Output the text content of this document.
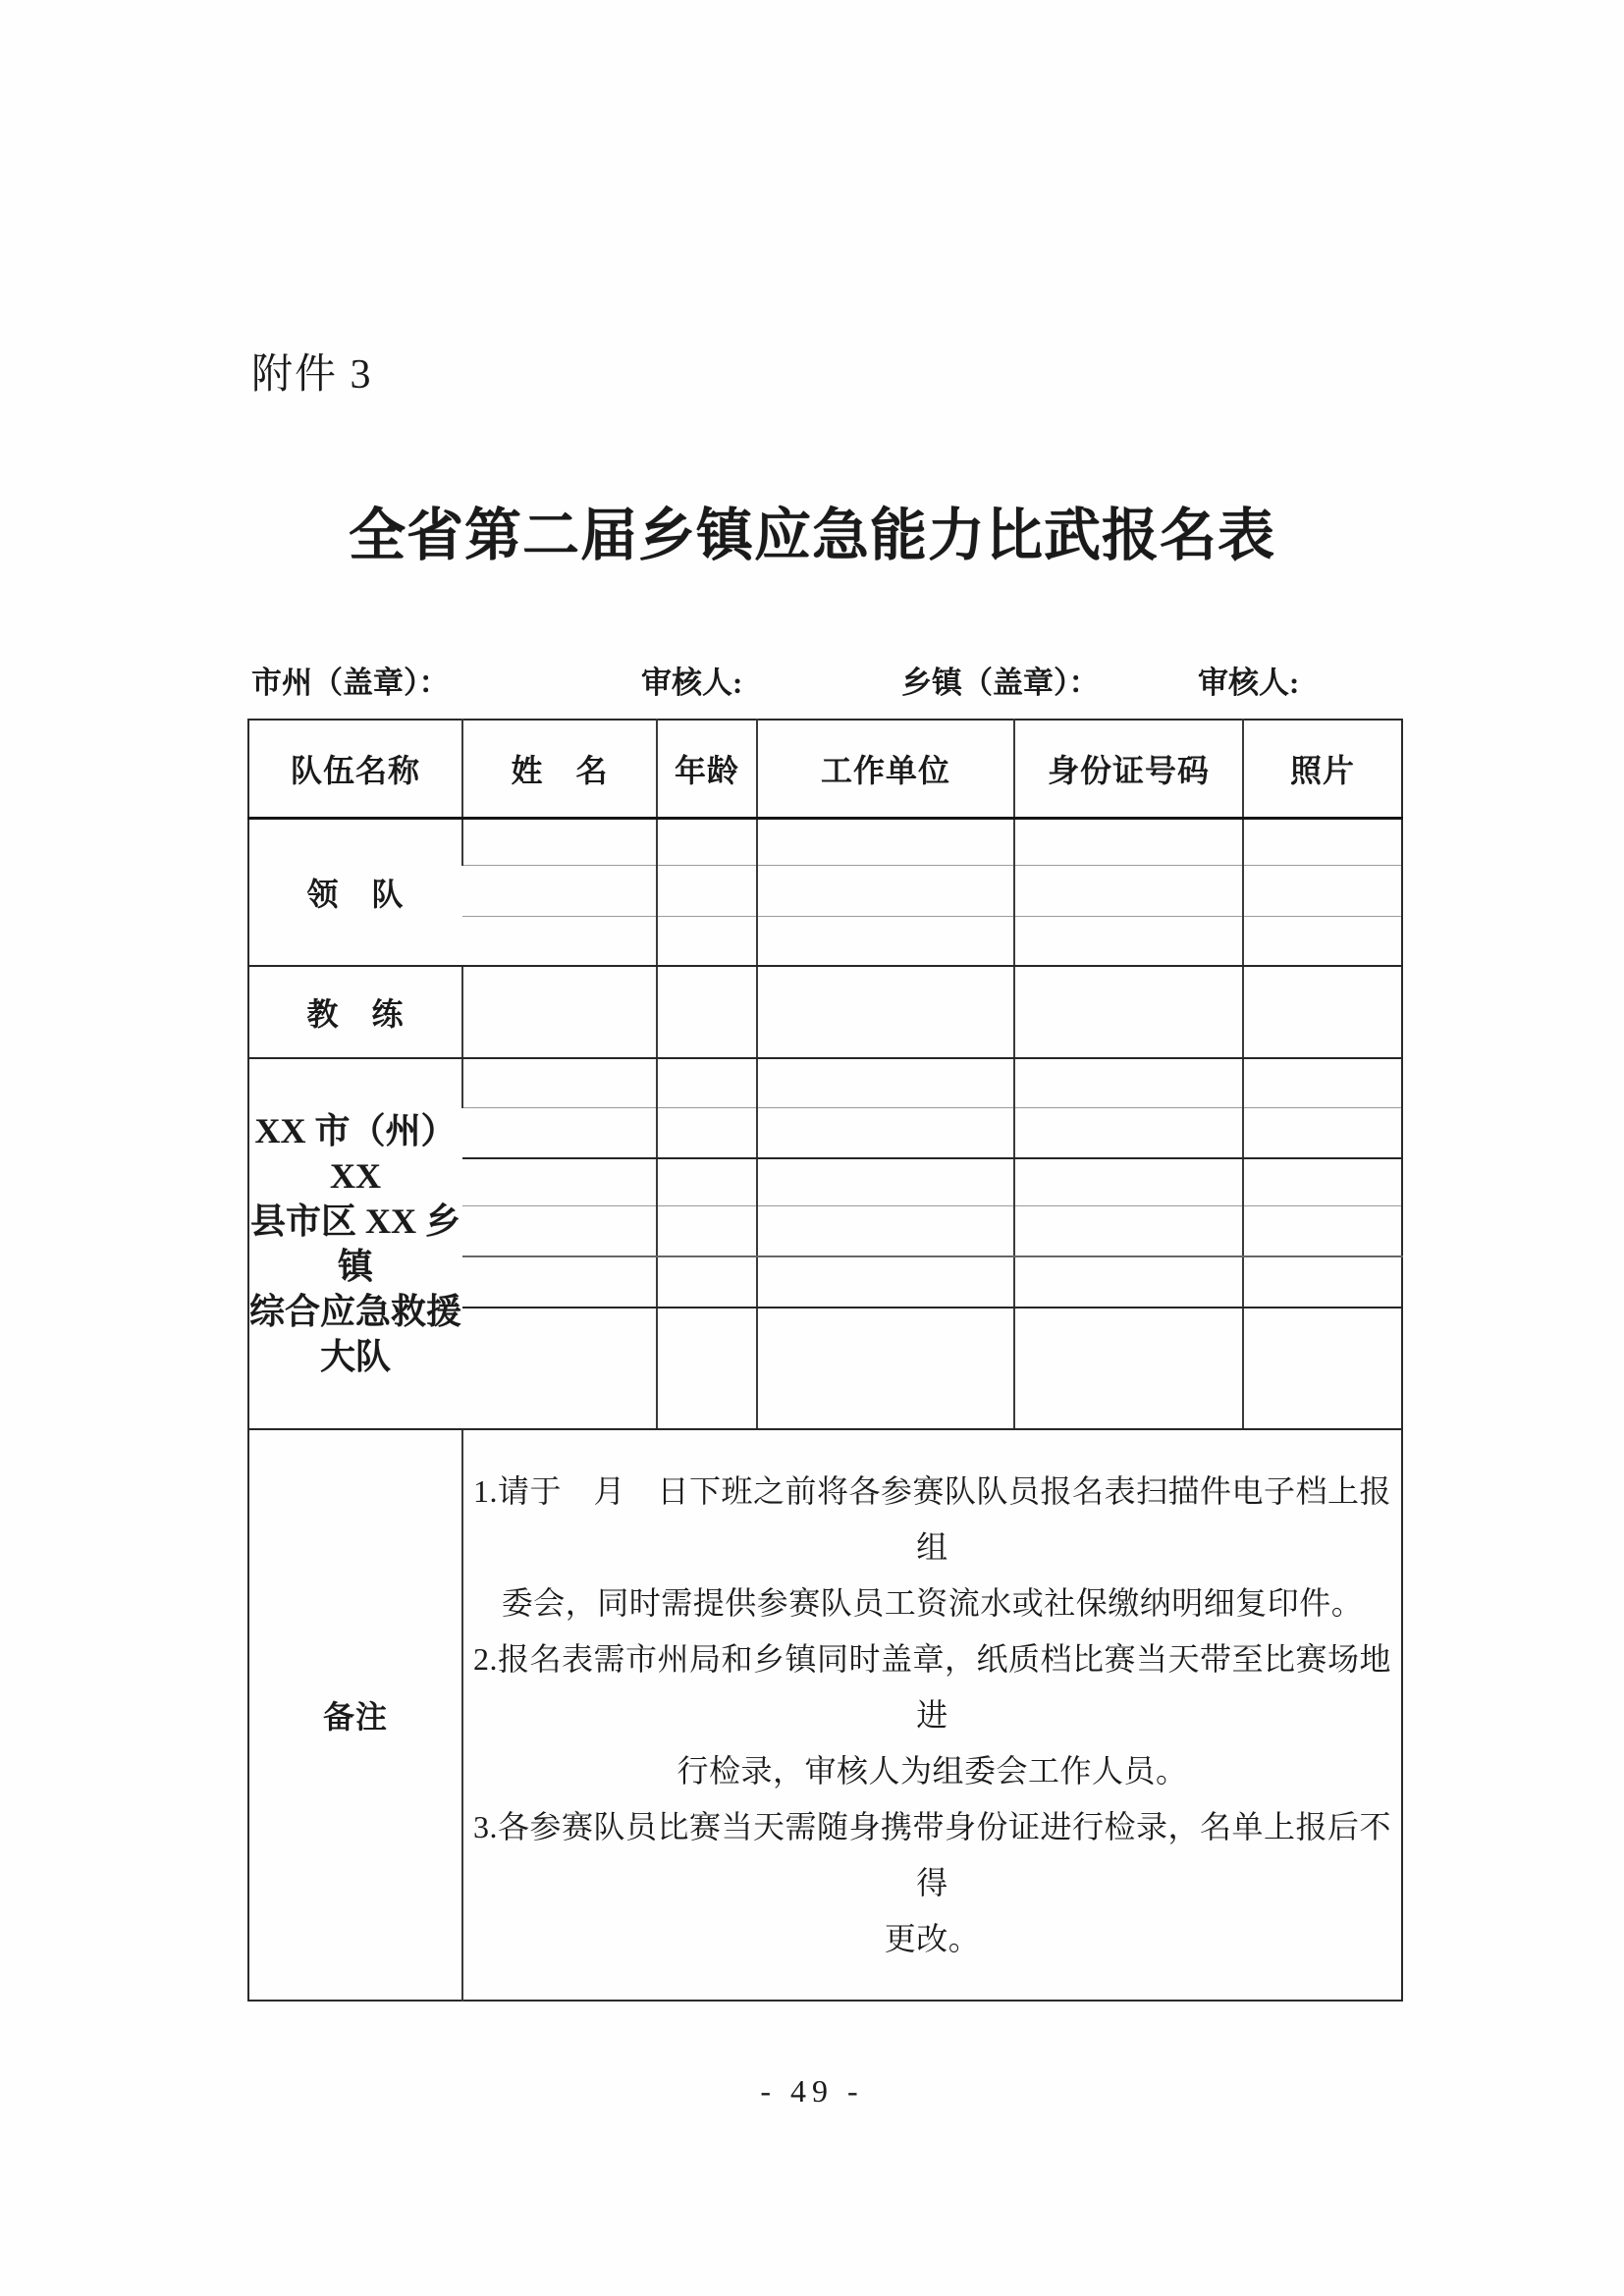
附件 3
全省第二届乡镇应急能力比武报名表
市州（盖章）：	审核人:	乡镇（盖章）：	审核人:
队伍名称	姓　名	年龄	工作单位	身份证号码	照片
领　队					

教　练					

XX 市（州）XX
县市区 XX 乡镇
综合应急救援
大队					

备注	
1.请于　月　日下班之前将各参赛队队员报名表扫描件电子档上报组
委会，同时需提供参赛队员工资流水或社保缴纳明细复印件。
2.报名表需市州局和乡镇同时盖章，纸质档比赛当天带至比赛场地进
行检录，审核人为组委会工作人员。
3.各参赛队员比赛当天需随身携带身份证进行检录，名单上报后不得
更改。
- 49 -
